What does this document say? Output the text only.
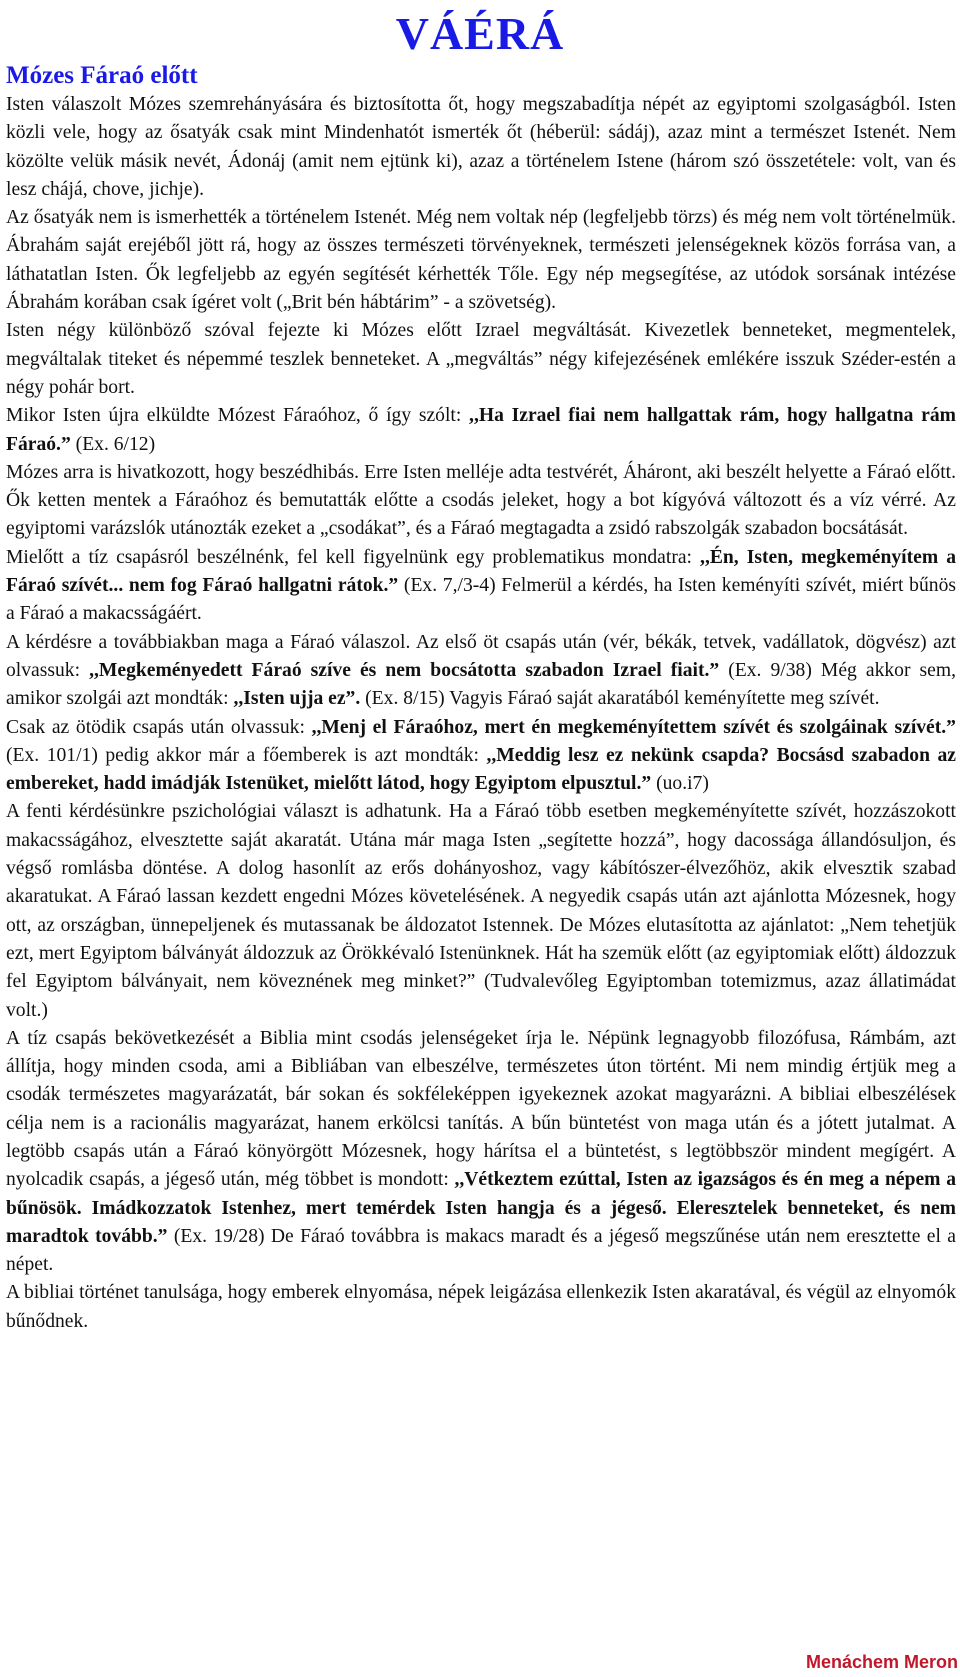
VÁÉRÁ
Mózes Fáraó előtt

Isten válaszolt Mózes szemrehányására és biztosította őt, hogy megszabadítja népét az egyiptomi szolgaságból. Isten közli vele, hogy az ősatyák csak mint Mindenhatót ismerték őt (héberül: sádáj), azaz mint a természet Istenét. Nem közölte velük másik nevét, Ádonáj (amit nem ejtünk ki), azaz a történelem Istene (három szó összetétele: volt, van és lesz chájá, chove, jichje).

Az ősatyák nem is ismerhették a történelem Istenét. Még nem voltak nép (legfeljebb törzs) és még nem volt történelmük. Ábrahám saját erejéből jött rá, hogy az összes természeti törvényeknek, természeti jelenségeknek közös forrása van, a láthatatlan Isten. Ők legfeljebb az egyén segítését kérhették Tőle. Egy nép megsegítése, az utódok sorsának intézése Ábrahám korában csak ígéret volt („Brit bén hábtárim” - a szövetség).

Isten négy különböző szóval fejezte ki Mózes előtt Izrael megváltását. Kivezetlek benneteket, megmentelek, megváltalak titeket és népemmé teszlek benneteket. A „megváltás” négy kifejezésének emlékére isszuk Széder-estén a négy pohár bort.

Mikor Isten újra elküldte Mózest Fáraóhoz, ő így szólt: ,,Ha Izrael fiai nem hallgattak rám, hogy hallgatna rám Fáraó.” (Ex. 6/12)

Mózes arra is hivatkozott, hogy beszédhibás. Erre Isten melléje adta testvérét, Áháront, aki beszélt helyette a Fáraó előtt. Ők ketten mentek a Fáraóhoz és bemutatták előtte a csodás jeleket, hogy a bot kígyóvá változott és a víz vérré. Az egyiptomi varázslók utánozták ezeket a „csodákat”, és a Fáraó megtagadta a zsidó rabszolgák szabadon bocsátását.

Mielőtt a tíz csapásról beszélnénk, fel kell figyelnünk egy problematikus mondatra: ,,Én, Isten, megkeményítem a Fáraó szívét... nem fog Fáraó hallgatni rátok.” (Ex. 7,/3-4) Felmerül a kérdés, ha Isten keményíti szívét, miért bűnös a Fáraó a makacsságáért.

A kérdésre a továbbiakban maga a Fáraó válaszol. Az első öt csapás után (vér, békák, tetvek, vadállatok, dögvész) azt olvassuk: ,,Megkeményedett Fáraó szíve és nem bocsátotta szabadon Izrael fiait.” (Ex. 9/38) Még akkor sem, amikor szolgái azt mondták: ,,Isten ujja ez”. (Ex. 8/15) Vagyis Fáraó saját akaratából keményítette meg szívét.

Csak az ötödik csapás után olvassuk: ,,Menj el Fáraóhoz, mert én megkeményítettem szívét és szolgáinak szívét.” (Ex. 101/1) pedig akkor már a főemberek is azt mondták: ,,Meddig lesz ez nekünk csapda? Bocsásd szabadon az embereket, hadd imádják Istenüket, mielőtt látod, hogy Egyiptom elpusztul.” (uo.i7)

A fenti kérdésünkre pszichológiai választ is adhatunk. Ha a Fáraó több esetben megkeményítette szívét, hozzászokott makacsságához, elvesztette saját akaratát. Utána már maga Isten „segítette hozzá”, hogy dacossága állandósuljon, és végső romlásba döntése. A dolog hasonlít az erős dohányoshoz, vagy kábítószer-élvezőhöz, akik elvesztik szabad akaratukat. A Fáraó lassan kezdett engedni Mózes követelésének. A negyedik csapás után azt ajánlotta Mózesnek, hogy ott, az országban, ünnepeljenek és mutassanak be áldozatot Istennek. De Mózes elutasította az ajánlatot: „Nem tehetjük ezt, mert Egyiptom bálványát áldozzuk az Örökkévaló Istenünknek. Hát ha szemük előtt (az egyiptomiak előtt) áldozzuk fel Egyiptom bálványait, nem köveznének meg minket?” (Tudvalevőleg Egyiptomban totemizmus, azaz állatimádat volt.)

A tíz csapás bekövetkezését a Biblia mint csodás jelenségeket írja le. Népünk legnagyobb filozófusa, Rámbám, azt állítja, hogy minden csoda, ami a Bibliában van elbeszélve, természetes úton történt. Mi nem mindig értjük meg a csodák természetes magyarázatát, bár sokan és sokféleképpen igyekeznek azokat magyarázni. A bibliai elbeszélések célja nem is a racionális magyarázat, hanem erkölcsi tanítás. A bűn büntetést von maga után és a jótett jutalmat. A legtöbb csapás után a Fáraó könyörgött Mózesnek, hogy hárítsa el a büntetést, s legtöbbször mindent megígért. A nyolcadik csapás, a jégeső után, még többet is mondott: ,,Vétkeztem ezúttal, Isten az igazságos és én meg a népem a bűnösök. Imádkozzatok Istenhez, mert temérdek Isten hangja és a jégeső. Eleresztelek benneteket, és nem maradtok tovább.” (Ex. 19/28) De Fáraó továbbra is makacs maradt és a jégeső megszűnése után nem eresztette el a népet.

A bibliai történet tanulsága, hogy emberek elnyomása, népek leigázása ellenkezik Isten akaratával, és végül az elnyomók bűnődnek.

Menáchem Meron
